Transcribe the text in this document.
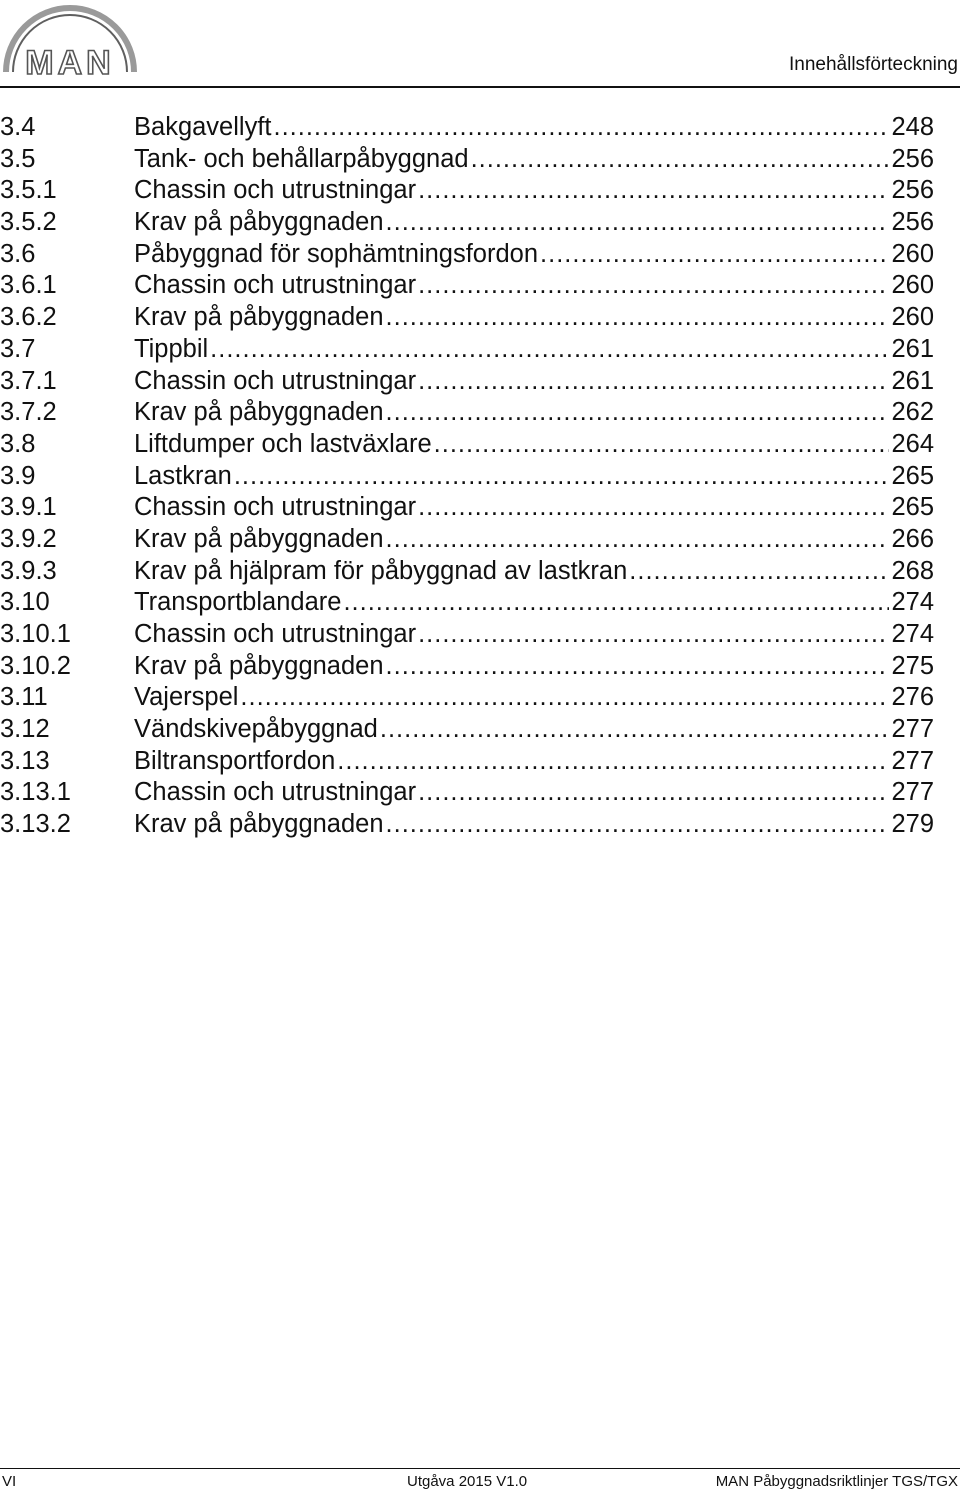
MAN	Innehållsförteckning
3.4	Bakgavellyft .....	248
3.5	Tank- och behållarpåbyggnad .....	256
3.5.1	Chassin och utrustningar .....	256
3.5.2	Krav på påbyggnaden .....	256
3.6	Påbyggnad för sophämtningsfordon .....	260
3.6.1	Chassin och utrustningar .....	260
3.6.2	Krav på påbyggnaden .....	260
3.7	Tippbil .....	261
3.7.1	Chassin och utrustningar .....	261
3.7.2	Krav på påbyggnaden .....	262
3.8	Liftdumper och lastväxlare .....	264
3.9	Lastkran .....	265
3.9.1	Chassin och utrustningar .....	265
3.9.2	Krav på påbyggnaden .....	266
3.9.3	Krav på hjälpram för påbyggnad av lastkran .....	268
3.10	Transportblandare .....	274
3.10.1	Chassin och utrustningar .....	274
3.10.2	Krav på påbyggnaden .....	275
3.11	Vajerspel .....	276
3.12	Vändskivepåbyggnad .....	277
3.13	Biltransportfordon .....	277
3.13.1	Chassin och utrustningar .....	277
3.13.2	Krav på påbyggnaden .....	279
VI	Utgåva 2015 V1.0	MAN Påbyggnadsriktlinjer TGS/TGX
